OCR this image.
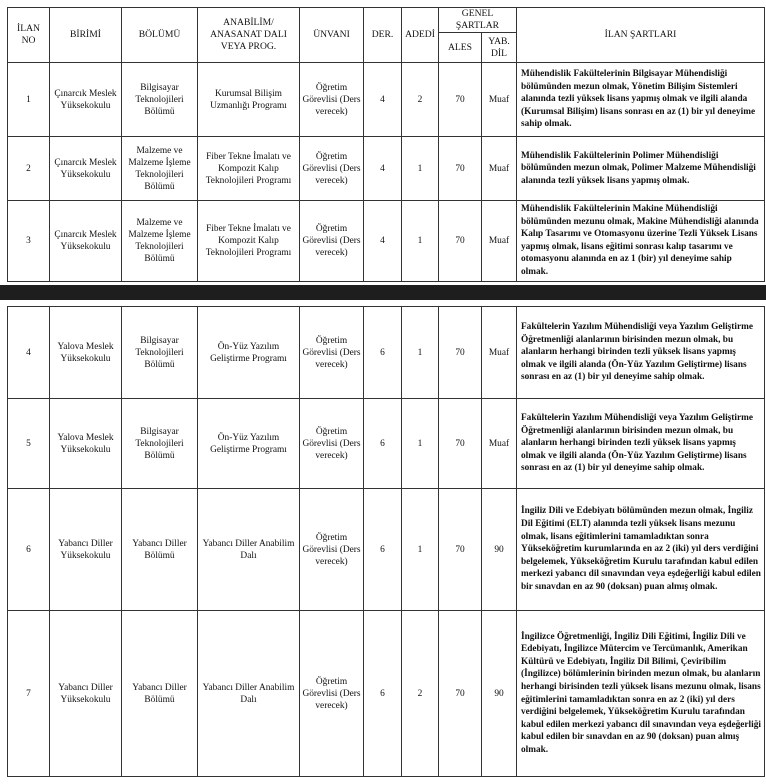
İLAN NO	BİRİMİ	BÖLÜMÜ	ANABİLİM/ ANASANAT DALI VEYA PROG.	ÜNVANI	DER.	ADEDİ	GENEL ŞARTLAR		İLAN ŞARTLARI
							ALES	YAB. DİL	
1	Çınarcık Meslek Yüksekokulu	Bilgisayar Teknolojileri Bölümü	Kurumsal Bilişim Uzmanlığı Programı	Öğretim Görevlisi (Ders verecek)	4	2	70	Muaf	Mühendislik Fakültelerinin Bilgisayar Mühendisliği bölümünden mezun olmak, Yönetim Bilişim Sistemleri alanında tezli yüksek lisans yapmış olmak ve ilgili alanda (Kurumsal Bilişim) lisans sonrası en az (1) bir yıl deneyime sahip olmak.
2	Çınarcık Meslek Yüksekokulu	Malzeme ve Malzeme İşleme Teknolojileri Bölümü	Fiber Tekne İmalatı ve Kompozit Kalıp Teknolojileri Programı	Öğretim Görevlisi (Ders verecek)	4	1	70	Muaf	Mühendislik Fakültelerinin Polimer Mühendisliği bölümünden mezun olmak, Polimer Malzeme Mühendisliği alanında tezli yüksek lisans yapmış olmak.
3	Çınarcık Meslek Yüksekokulu	Malzeme ve Malzeme İşleme Teknolojileri Bölümü	Fiber Tekne İmalatı ve Kompozit Kalıp Teknolojileri Programı	Öğretim Görevlisi (Ders verecek)	4	1	70	Muaf	Mühendislik Fakültelerinin Makine Mühendisliği bölümünden mezunu olmak, Makine Mühendisliği alanında Kalıp Tasarımı ve Otomasyonu üzerine Tezli Yüksek Lisans yapmış olmak, lisans eğitimi sonrası kalıp tasarımı ve otomasyonu alanında en az 1 (bir) yıl deneyime sahip olmak.
4	Yalova Meslek Yüksekokulu	Bilgisayar Teknolojileri Bölümü	Ön-Yüz Yazılım Geliştirme Programı	Öğretim Görevlisi (Ders verecek)	6	1	70	Muaf	Fakültelerin Yazılım Mühendisliği veya Yazılım Geliştirme Öğretmenliği alanlarının birisinden mezun olmak, bu alanların herhangi birinden tezli yüksek lisans yapmış olmak ve ilgili alanda (Ön-Yüz Yazılım Geliştirme) lisans sonrası en az (1) bir yıl deneyime sahip olmak.
5	Yalova Meslek Yüksekokulu	Bilgisayar Teknolojileri Bölümü	Ön-Yüz Yazılım Geliştirme Programı	Öğretim Görevlisi (Ders verecek)	6	1	70	Muaf	Fakültelerin Yazılım Mühendisliği veya Yazılım Geliştirme Öğretmenliği alanlarının birisinden mezun olmak, bu alanların herhangi birinden tezli yüksek lisans yapmış olmak ve ilgili alanda (Ön-Yüz Yazılım Geliştirme) lisans sonrası en az (1) bir yıl deneyime sahip olmak.
6	Yabancı Diller Yüksekokulu	Yabancı Diller Bölümü	Yabancı Diller Anabilim Dalı	Öğretim Görevlisi (Ders verecek)	6	1	70	90	İngiliz Dili ve Edebiyatı bölümünden mezun olmak, İngiliz Dil Eğitimi (ELT) alanında tezli yüksek lisans mezunu olmak, lisans eğitimlerini tamamladıktan sonra Yükseköğretim kurumlarında en az 2 (iki) yıl ders verdiğini belgelemek, Yükseköğretim Kurulu tarafından kabul edilen merkezi yabancı dil sınavından veya eşdeğerliği kabul edilen bir sınavdan en az 90 (doksan) puan almış olmak.
7	Yabancı Diller Yüksekokulu	Yabancı Diller Bölümü	Yabancı Diller Anabilim Dalı	Öğretim Görevlisi (Ders verecek)	6	2	70	90	İngilizce Öğretmenliği, İngiliz Dili Eğitimi, İngiliz Dili ve Edebiyatı, İngilizce Mütercim ve Tercümanlık, Amerikan Kültürü ve Edebiyatı, İngiliz Dil Bilimi, Çeviribilim (İngilizce) bölümlerinin birinden mezun olmak, bu alanların herhangi birisinden tezli yüksek lisans mezunu olmak, lisans eğitimlerini tamamladıktan sonra en az 2 (iki) yıl ders verdiğini belgelemek, Yükseköğretim Kurulu tarafından kabul edilen merkezi yabancı dil sınavından veya eşdeğerliği kabul edilen bir sınavdan en az 90 (doksan) puan almış olmak.
